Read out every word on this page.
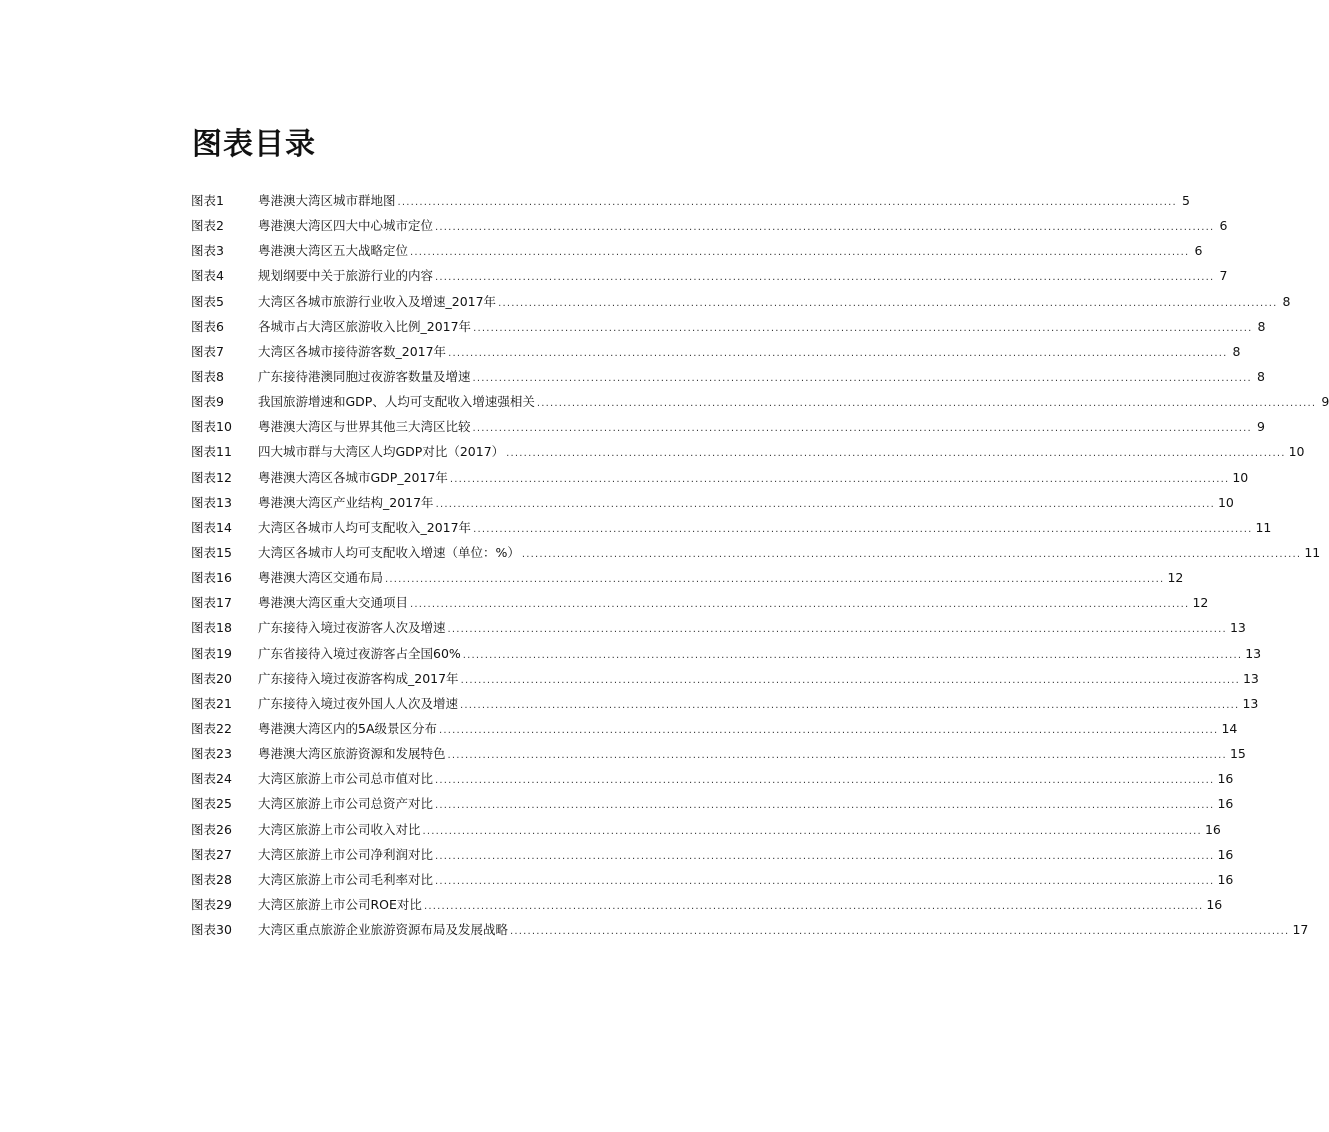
图表目录
图表1	粤港澳大湾区城市群地图 .....	5
图表2	粤港澳大湾区四大中心城市定位 .....	6
图表3	粤港澳大湾区五大战略定位 .....	6
图表4	规划纲要中关于旅游行业的内容 .....	7
图表5	大湾区各城市旅游行业收入及增速_2017年 .....	8
图表6	各城市占大湾区旅游收入比例_2017年 .....	8
图表7	大湾区各城市接待游客数_2017年 .....	8
图表8	广东接待港澳同胞过夜游客数量及增速 .....	8
图表9	我国旅游增速和GDP、人均可支配收入增速强相关 .....	9
图表10	粤港澳大湾区与世界其他三大湾区比较 .....	9
图表11	四大城市群与大湾区人均GDP对比（2017） .....	10
图表12	粤港澳大湾区各城市GDP_2017年 .....	10
图表13	粤港澳大湾区产业结构_2017年 .....	10
图表14	大湾区各城市人均可支配收入_2017年 .....	11
图表15	大湾区各城市人均可支配收入增速（单位：%） .....	11
图表16	粤港澳大湾区交通布局 .....	12
图表17	粤港澳大湾区重大交通项目 .....	12
图表18	广东接待入境过夜游客人次及增速 .....	13
图表19	广东省接待入境过夜游客占全国60% .....	13
图表20	广东接待入境过夜游客构成_2017年 .....	13
图表21	广东接待入境过夜外国人人次及增速 .....	13
图表22	粤港澳大湾区内的5A级景区分布 .....	14
图表23	粤港澳大湾区旅游资源和发展特色 .....	15
图表24	大湾区旅游上市公司总市值对比 .....	16
图表25	大湾区旅游上市公司总资产对比 .....	16
图表26	大湾区旅游上市公司收入对比 .....	16
图表27	大湾区旅游上市公司净利润对比 .....	16
图表28	大湾区旅游上市公司毛利率对比 .....	16
图表29	大湾区旅游上市公司ROE对比 .....	16
图表30	大湾区重点旅游企业旅游资源布局及发展战略 .....	17
